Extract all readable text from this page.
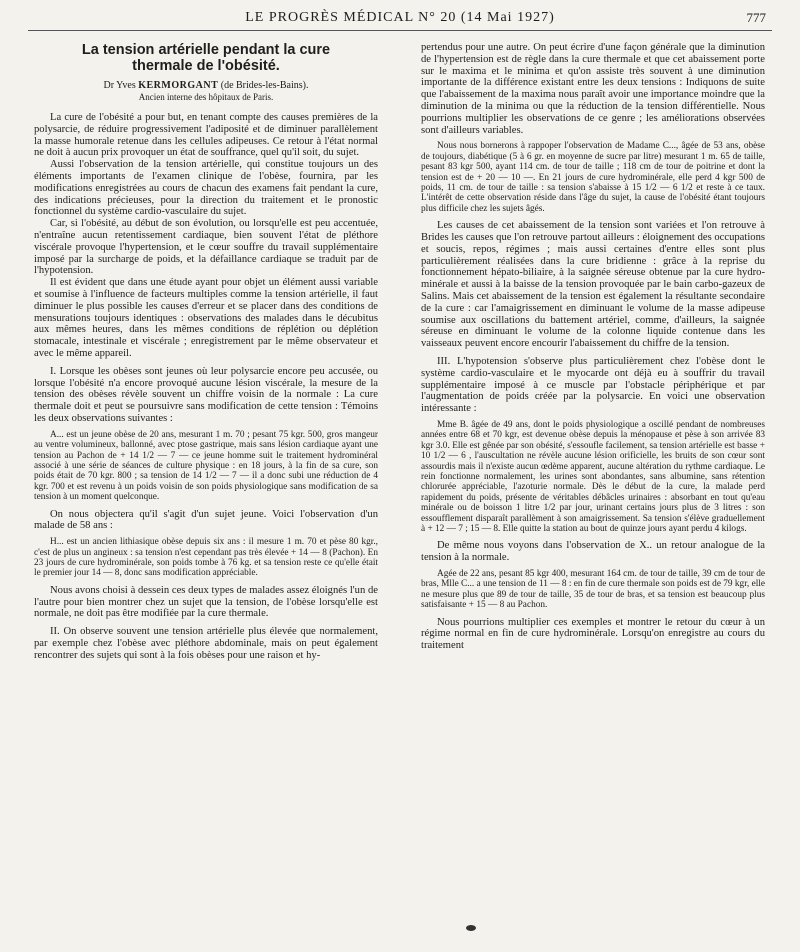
LE PROGRÈS MÉDICAL N° 20 (14 Mai 1927)	777

La tension artérielle pendant la cure

thermale de l'obésité.

Dr Yves KERMORGANT (de Brides-les-Bains).

Ancien interne des hôpitaux de Paris.

La cure de l'obésité a pour but, en tenant compte des causes premières de la polysarcie, de réduire progressivement l'adiposité et de diminuer parallèlement la masse humorale retenue dans les cellules adipeuses. Ce retour à l'état normal ne doit à aucun prix provoquer un état de souffrance, quel qu'il soit, du sujet.

Aussi l'observation de la tension artérielle, qui constitue toujours un des éléments importants de l'examen clinique de l'obèse, fournira, par les modifications enregistrées au cours de chacun des examens fait pendant la cure, des indications précieuses, pour la direction du traitement et le pronostic fonctionnel du système cardio-vasculaire du sujet.

Car, si l'obésité, au début de son évolution, ou lorsqu'elle est peu accentuée, n'entraîne aucun retentissement cardiaque, bien souvent l'état de pléthore viscérale provoque l'hypertension, et le cœur souffre du travail supplémentaire imposé par la surcharge de poids, et la défaillance cardiaque se traduit par de l'hypotension.

Il est évident que dans une étude ayant pour objet un élément aussi variable et soumise à l'influence de facteurs multiples comme la tension artérielle, il faut diminuer le plus possible les causes d'erreur et se placer dans des conditions de mensurations toujours identiques : observations des malades dans le décubitus aux mêmes heures, dans les mêmes conditions de réplétion ou déplétion stomacale, intestinale et viscérale ; enregistrement par le même observateur et avec le même appareil.

I. Lorsque les obèses sont jeunes où leur polysarcie encore peu accusée, ou lorsque l'obésité n'a encore provoqué aucune lésion viscérale, la mesure de la tension des obèses révèle souvent un chiffre voisin de la normale : La cure thermale doit et peut se poursuivre sans modification de cette tension : Témoins les deux observations suivantes :

A... est un jeune obèse de 20 ans, mesurant 1 m. 70 ; pesant 75 kgr. 500, gros mangeur au ventre volumineux, ballonné, avec ptose gastrique, mais sans lésion cardiaque ayant une tension au Pachon de + 14 1/2 — 7 — ce jeune homme suit le traitement hydrominéral associé à une série de séances de culture physique : en 18 jours, à la fin de sa cure, son poids était de 70 kgr. 800 ; sa tension de 14 1/2 — 7 — il a donc subi une réduction de 4 kgr. 700 et est revenu à un poids voisin de son poids physiologique sans modification de sa tension à un moment quelconque.

On nous objectera qu'il s'agit d'un sujet jeune. Voici l'observation d'un malade de 58 ans :

H... est un ancien lithiasique obèse depuis six ans : il mesure 1 m. 70 et pèse 80 kgr., c'est de plus un angineux : sa tension n'est cependant pas très élevée + 14 — 8 (Pachon). En 23 jours de cure hydrominérale, son poids tombe à 76 kg. et sa tension reste ce qu'elle était le premier jour 14 — 8, donc sans modification appréciable.

Nous avons choisi à dessein ces deux types de malades assez éloignés l'un de l'autre pour bien montrer chez un sujet que la tension, de l'obèse lorsqu'elle est normale, ne doit pas être modifiée par la cure thermale.

II. On observe souvent une tension artérielle plus élevée que normalement, par exemple chez l'obèse avec pléthore abdominale, mais on peut également rencontrer des sujets qui sont à la fois obèses pour une raison et hy-

pertendus pour une autre. On peut écrire d'une façon générale que la diminution de l'hypertension est de règle dans la cure thermale et que cet abaissement porte sur le maxima et le minima et qu'on assiste très souvent à une diminution importante de la différence existant entre les deux tensions : Indiquons de suite que l'abaissement de la maxima nous paraît avoir une importance moindre que la diminution de la minima ou que la réduction de la tension différentielle. Nous pourrions multiplier les observations de ce genre ; les améliorations observées sont d'ailleurs variables.

Nous nous bornerons à rappoper l'observation de Madame C..., âgée de 53 ans, obèse de toujours, diabétique (5 à 6 gr. en moyenne de sucre par litre) mesurant 1 m. 65 de taille, pesant 83 kgr 500, ayant 114 cm. de tour de taille ; 118 cm de tour de poitrine et dont la tension est de + 20 — 10 —. En 21 jours de cure hydrominérale, elle perd 4 kgr 500 de poids, 11 cm. de tour de taille : sa tension s'abaisse à 15 1/2 — 6 1/2 et reste à ce taux. L'intérêt de cette observation réside dans l'âge du sujet, la cause de l'obésité étant toujours plus difficile chez les sujets âgés.

Les causes de cet abaissement de la tension sont variées et l'on retrouve à Brides les causes que l'on retrouve partout ailleurs : éloignement des occupations et soucis, repos, régimes ; mais aussi certaines d'entre elles sont plus particulièrement réalisées dans la cure bridienne : grâce à la reprise du fonctionnement hépato-biliaire, à la saignée séreuse obtenue par la cure hydro-minérale et aussi à la baisse de la tension provoquée par le bain carbo-gazeux de Salins. Mais cet abaissement de la tension est également la résultante secondaire de la cure : car l'amaigrissement en diminuant le volume de la masse adipeuse soumise aux oscillations du battement artériel, comme, d'ailleurs, la saignée séreuse en diminuant le volume de la colonne liquide contenue dans les vaisseaux peuvent encore encourir l'abaissement du chiffre de la tension.

III. L'hypotension s'observe plus particulièrement chez l'obèse dont le système cardio-vasculaire et le myocarde ont déjà eu à souffrir du travail supplémentaire imposé à ce muscle par l'obstacle périphérique et par l'augmentation de poids créée par la polysarcie. En voici une observation intéressante :

Mme B. âgée de 49 ans, dont le poids physiologique a oscillé pendant de nombreuses années entre 68 et 70 kgr, est devenue obèse depuis la ménopause et pèse à son arrivée 83 kgr 3.0. Elle est gênée par son obésité, s'essoufle facilement, sa tension artérielle est basse + 10 1/2 — 6 , l'auscultation ne révèle aucune lésion orificielle, les bruits de son cœur sont assourdis mais il n'existe aucun œdème apparent, aucune altération du rythme cardiaque. Le rein fonctionne normalement, les urines sont abondantes, sans albumine, sans rétention chlorurée appréciable, l'azoturie normale. Dès le début de la cure, la malade perd rapidement du poids, présente de véritables débâcles urinaires : absorbant en tout qu'eau minérale ou de boisson 1 litre 1/2 par jour, urinant certains jours plus de 3 litres : son essoufflement disparaît parallèment à son amaigrissement. Sa tension s'élève graduellement à + 12 — 7 ; 15 — 8. Elle quitte la station au bout de quinze jours ayant perdu 4 kilogs.

De même nous voyons dans l'observation de X.. un retour analogue de la tension à la normale.

Agée de 22 ans, pesant 85 kgr 400, mesurant 164 cm. de tour de taille, 39 cm de tour de bras, Mlle C... a une tension de 11 — 8 : en fin de cure thermale son poids est de 79 kgr, elle ne mesure plus que 89 de tour de taille, 35 de tour de bras, et sa tension est beaucoup plus satisfaisante + 15 — 8 au Pachon.

Nous pourrions multiplier ces exemples et montrer le retour du cœur à un régime normal en fin de cure hydrominérale. Lorsqu'on enregistre au cours du traitement
